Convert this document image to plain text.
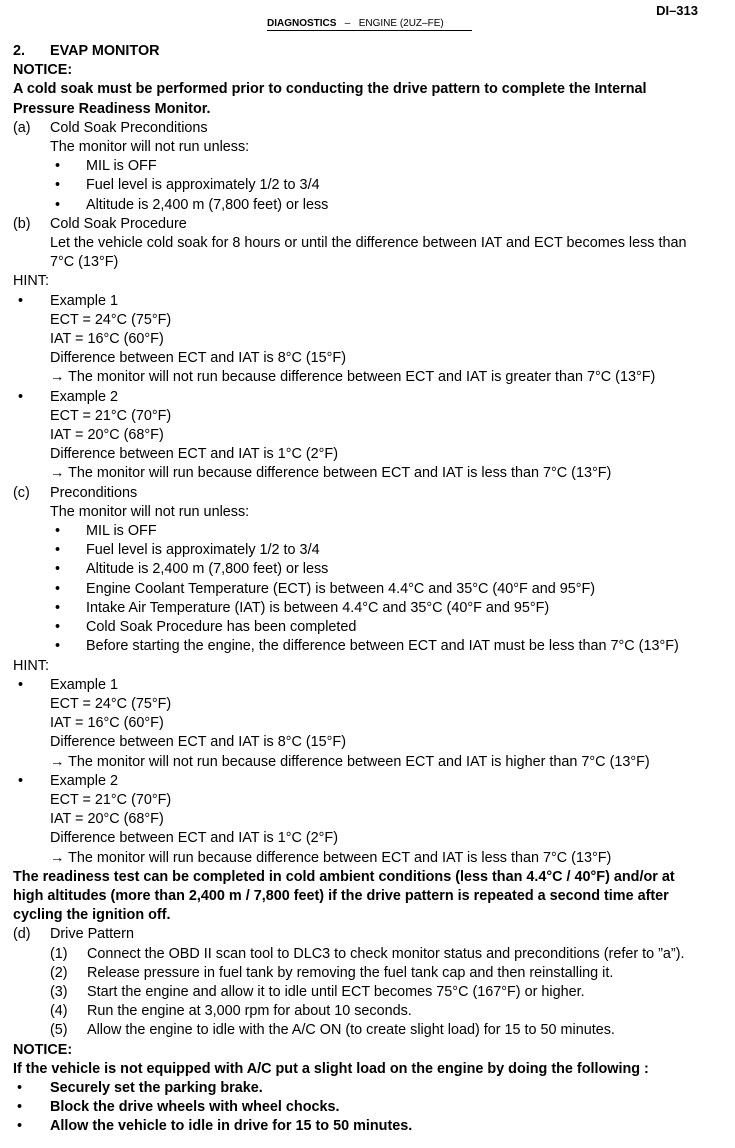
DI–313
DIAGNOSTICS – ENGINE (2UZ–FE)
2.	EVAP MONITOR
NOTICE:
A cold soak must be performed prior to conducting the drive pattern to complete the Internal Pressure Readiness Monitor.
(a)	Cold Soak Preconditions
The monitor will not run unless:
• MIL is OFF
• Fuel level is approximately 1/2 to 3/4
• Altitude is 2,400 m (7,800 feet) or less
(b)	Cold Soak Procedure
Let the vehicle cold soak for 8 hours or until the difference between IAT and ECT becomes less than 7°C (13°F)
HINT:
• Example 1
ECT = 24°C (75°F)
IAT = 16°C (60°F)
Difference between ECT and IAT is 8°C (15°F)
→ The monitor will not run because difference between ECT and IAT is greater than 7°C (13°F)
• Example 2
ECT = 21°C (70°F)
IAT = 20°C (68°F)
Difference between ECT and IAT is 1°C (2°F)
→ The monitor will run because difference between ECT and IAT is less than 7°C (13°F)
(c)	Preconditions
The monitor will not run unless:
• MIL is OFF
• Fuel level is approximately 1/2 to 3/4
• Altitude is 2,400 m (7,800 feet) or less
• Engine Coolant Temperature (ECT) is between 4.4°C and 35°C (40°F and 95°F)
• Intake Air Temperature (IAT) is between 4.4°C and 35°C (40°F and 95°F)
• Cold Soak Procedure has been completed
• Before starting the engine, the difference between ECT and IAT must be less than 7°C (13°F)
HINT:
• Example 1
ECT = 24°C (75°F)
IAT = 16°C (60°F)
Difference between ECT and IAT is 8°C (15°F)
→ The monitor will not run because difference between ECT and IAT is higher than 7°C (13°F)
• Example 2
ECT = 21°C (70°F)
IAT = 20°C (68°F)
Difference between ECT and IAT is 1°C (2°F)
→ The monitor will run because difference between ECT and IAT is less than 7°C (13°F)
The readiness test can be completed in cold ambient conditions (less than 4.4°C / 40°F) and/or at high altitudes (more than 2,400 m / 7,800 feet) if the drive pattern is repeated a second time after cycling the ignition off.
(d)	Drive Pattern
(1)	Connect the OBD II scan tool to DLC3 to check monitor status and preconditions (refer to ”a”).
(2)	Release pressure in fuel tank by removing the fuel tank cap and then reinstalling it.
(3)	Start the engine and allow it to idle until ECT becomes 75°C (167°F) or higher.
(4)	Run the engine at 3,000 rpm for about 10 seconds.
(5)	Allow the engine to idle with the A/C ON (to create slight load) for 15 to 50 minutes.
NOTICE:
If the vehicle is not equipped with A/C put a slight load on the engine by doing the following :
• Securely set the parking brake.
• Block the drive wheels with wheel chocks.
• Allow the vehicle to idle in drive for 15 to 50 minutes.
